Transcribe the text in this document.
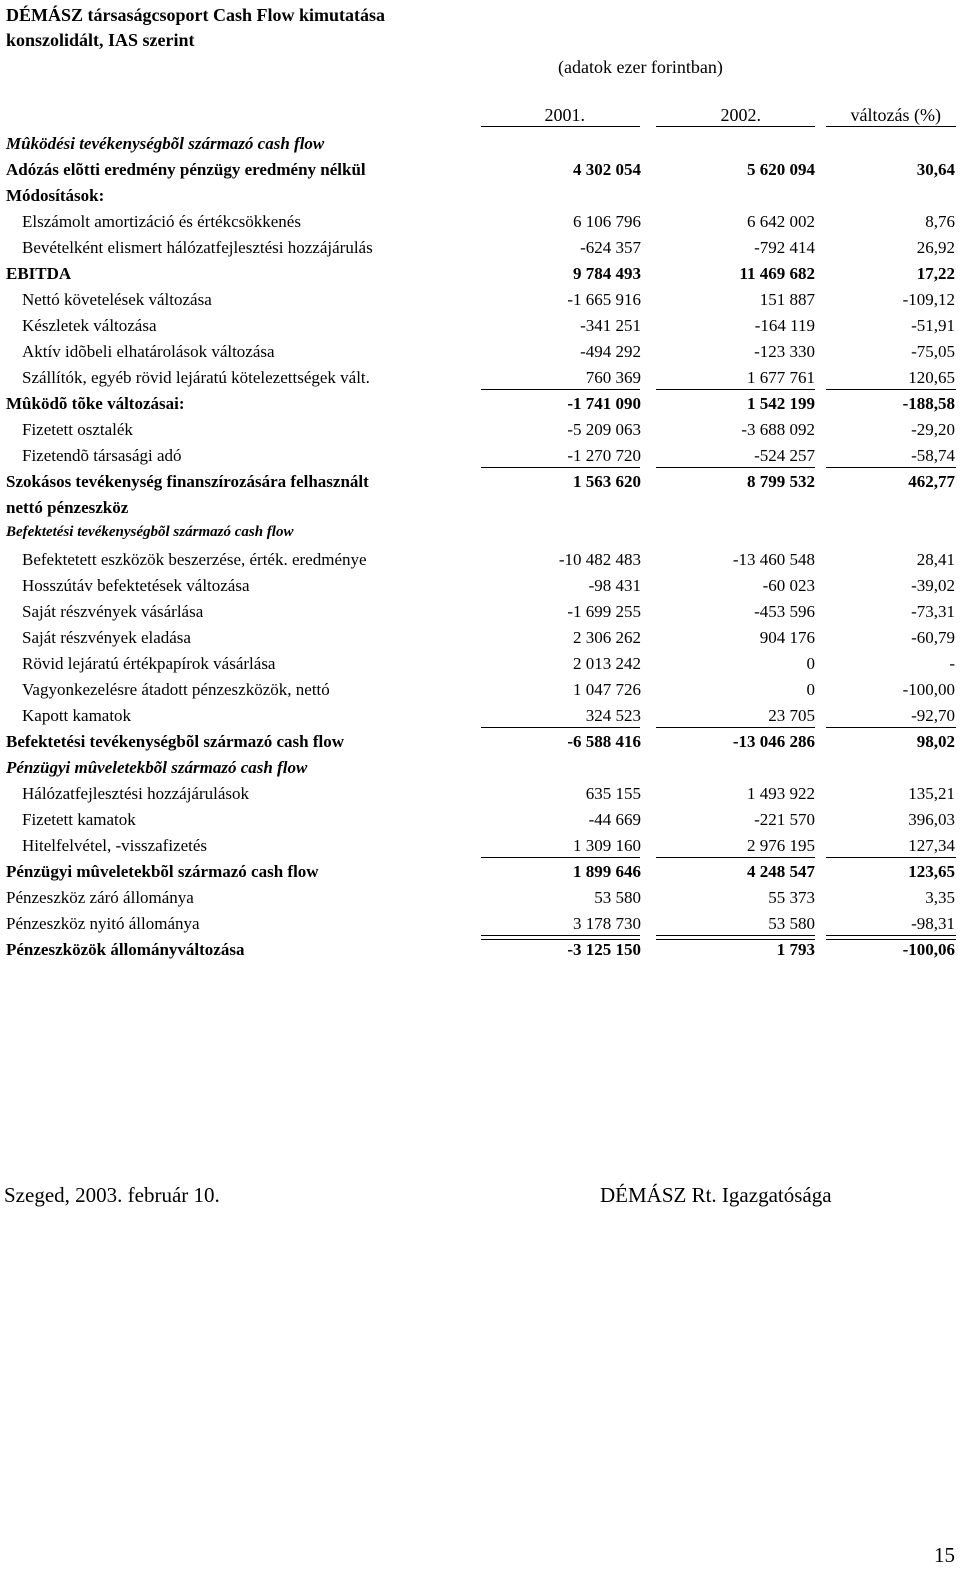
DÉMÁSZ társaságcsoport Cash Flow kimutatása
konszolidált, IAS szerint
(adatok ezer forintban)
2001.	2002.	változás (%)
Mûködési tevékenységbõl származó cash flow
Adózás elõtti eredmény pénzügy eredmény nélkül	4 302 054	5 620 094	30,64
Módosítások:
Elszámolt amortizáció és értékcsökkenés	6 106 796	6 642 002	8,76
Bevételként elismert hálózatfejlesztési hozzájárulás	-624 357	-792 414	26,92
EBITDA	9 784 493	11 469 682	17,22
Nettó követelések változása	-1 665 916	151 887	-109,12
Készletek változása	-341 251	-164 119	-51,91
Aktív idõbeli elhatárolások változása	-494 292	-123 330	-75,05
Szállítók, egyéb rövid lejáratú kötelezettségek vált.	760 369	1 677 761	120,65
Mûködõ tõke változásai:	-1 741 090	1 542 199	-188,58
Fizetett osztalék	-5 209 063	-3 688 092	-29,20
Fizetendõ társasági adó	-1 270 720	-524 257	-58,74
Szokásos tevékenység finanszírozására felhasznált	1 563 620	8 799 532	462,77
nettó pénzeszköz
Befektetési tevékenységbõl származó cash flow
Befektetett eszközök beszerzése, érték. eredménye	-10 482 483	-13 460 548	28,41
Hosszútáv befektetések változása	-98 431	-60 023	-39,02
Saját részvények vásárlása	-1 699 255	-453 596	-73,31
Saját részvények eladása	2 306 262	904 176	-60,79
Rövid lejáratú értékpapírok vásárlása	2 013 242	0	-
Vagyonkezelésre átadott pénzeszközök, nettó	1 047 726	0	-100,00
Kapott kamatok	324 523	23 705	-92,70
Befektetési tevékenységbõl származó cash flow	-6 588 416	-13 046 286	98,02
Pénzügyi mûveletekbõl származó cash flow
Hálózatfejlesztési hozzájárulások	635 155	1 493 922	135,21
Fizetett kamatok	-44 669	-221 570	396,03
Hitelfelvétel, -visszafizetés	1 309 160	2 976 195	127,34
Pénzügyi mûveletekbõl származó cash flow	1 899 646	4 248 547	123,65
Pénzeszköz záró állománya	53 580	55 373	3,35
Pénzeszköz nyitó állománya	3 178 730	53 580	-98,31
Pénzeszközök állományváltozása	-3 125 150	1 793	-100,06
Szeged, 2003. február 10.	DÉMÁSZ Rt. Igazgatósága
15
